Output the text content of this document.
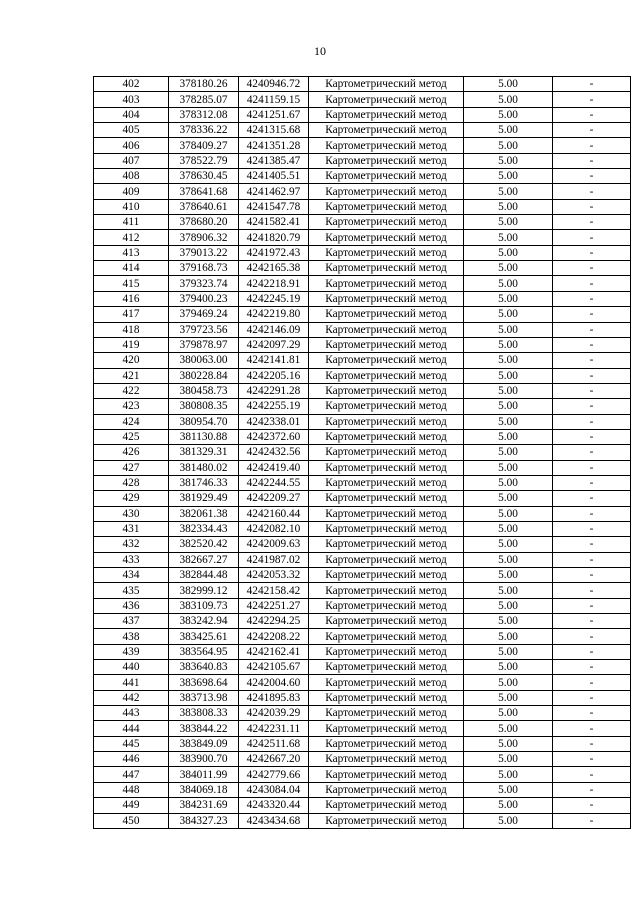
10
402	378180.26	4240946.72	Картометрический метод	5.00	-
403	378285.07	4241159.15	Картометрический метод	5.00	-
404	378312.08	4241251.67	Картометрический метод	5.00	-
405	378336.22	4241315.68	Картометрический метод	5.00	-
406	378409.27	4241351.28	Картометрический метод	5.00	-
407	378522.79	4241385.47	Картометрический метод	5.00	-
408	378630.45	4241405.51	Картометрический метод	5.00	-
409	378641.68	4241462.97	Картометрический метод	5.00	-
410	378640.61	4241547.78	Картометрический метод	5.00	-
411	378680.20	4241582.41	Картометрический метод	5.00	-
412	378906.32	4241820.79	Картометрический метод	5.00	-
413	379013.22	4241972.43	Картометрический метод	5.00	-
414	379168.73	4242165.38	Картометрический метод	5.00	-
415	379323.74	4242218.91	Картометрический метод	5.00	-
416	379400.23	4242245.19	Картометрический метод	5.00	-
417	379469.24	4242219.80	Картометрический метод	5.00	-
418	379723.56	4242146.09	Картометрический метод	5.00	-
419	379878.97	4242097.29	Картометрический метод	5.00	-
420	380063.00	4242141.81	Картометрический метод	5.00	-
421	380228.84	4242205.16	Картометрический метод	5.00	-
422	380458.73	4242291.28	Картометрический метод	5.00	-
423	380808.35	4242255.19	Картометрический метод	5.00	-
424	380954.70	4242338.01	Картометрический метод	5.00	-
425	381130.88	4242372.60	Картометрический метод	5.00	-
426	381329.31	4242432.56	Картометрический метод	5.00	-
427	381480.02	4242419.40	Картометрический метод	5.00	-
428	381746.33	4242244.55	Картометрический метод	5.00	-
429	381929.49	4242209.27	Картометрический метод	5.00	-
430	382061.38	4242160.44	Картометрический метод	5.00	-
431	382334.43	4242082.10	Картометрический метод	5.00	-
432	382520.42	4242009.63	Картометрический метод	5.00	-
433	382667.27	4241987.02	Картометрический метод	5.00	-
434	382844.48	4242053.32	Картометрический метод	5.00	-
435	382999.12	4242158.42	Картометрический метод	5.00	-
436	383109.73	4242251.27	Картометрический метод	5.00	-
437	383242.94	4242294.25	Картометрический метод	5.00	-
438	383425.61	4242208.22	Картометрический метод	5.00	-
439	383564.95	4242162.41	Картометрический метод	5.00	-
440	383640.83	4242105.67	Картометрический метод	5.00	-
441	383698.64	4242004.60	Картометрический метод	5.00	-
442	383713.98	4241895.83	Картометрический метод	5.00	-
443	383808.33	4242039.29	Картометрический метод	5.00	-
444	383844.22	4242231.11	Картометрический метод	5.00	-
445	383849.09	4242511.68	Картометрический метод	5.00	-
446	383900.70	4242667.20	Картометрический метод	5.00	-
447	384011.99	4242779.66	Картометрический метод	5.00	-
448	384069.18	4243084.04	Картометрический метод	5.00	-
449	384231.69	4243320.44	Картометрический метод	5.00	-
450	384327.23	4243434.68	Картометрический метод	5.00	-
